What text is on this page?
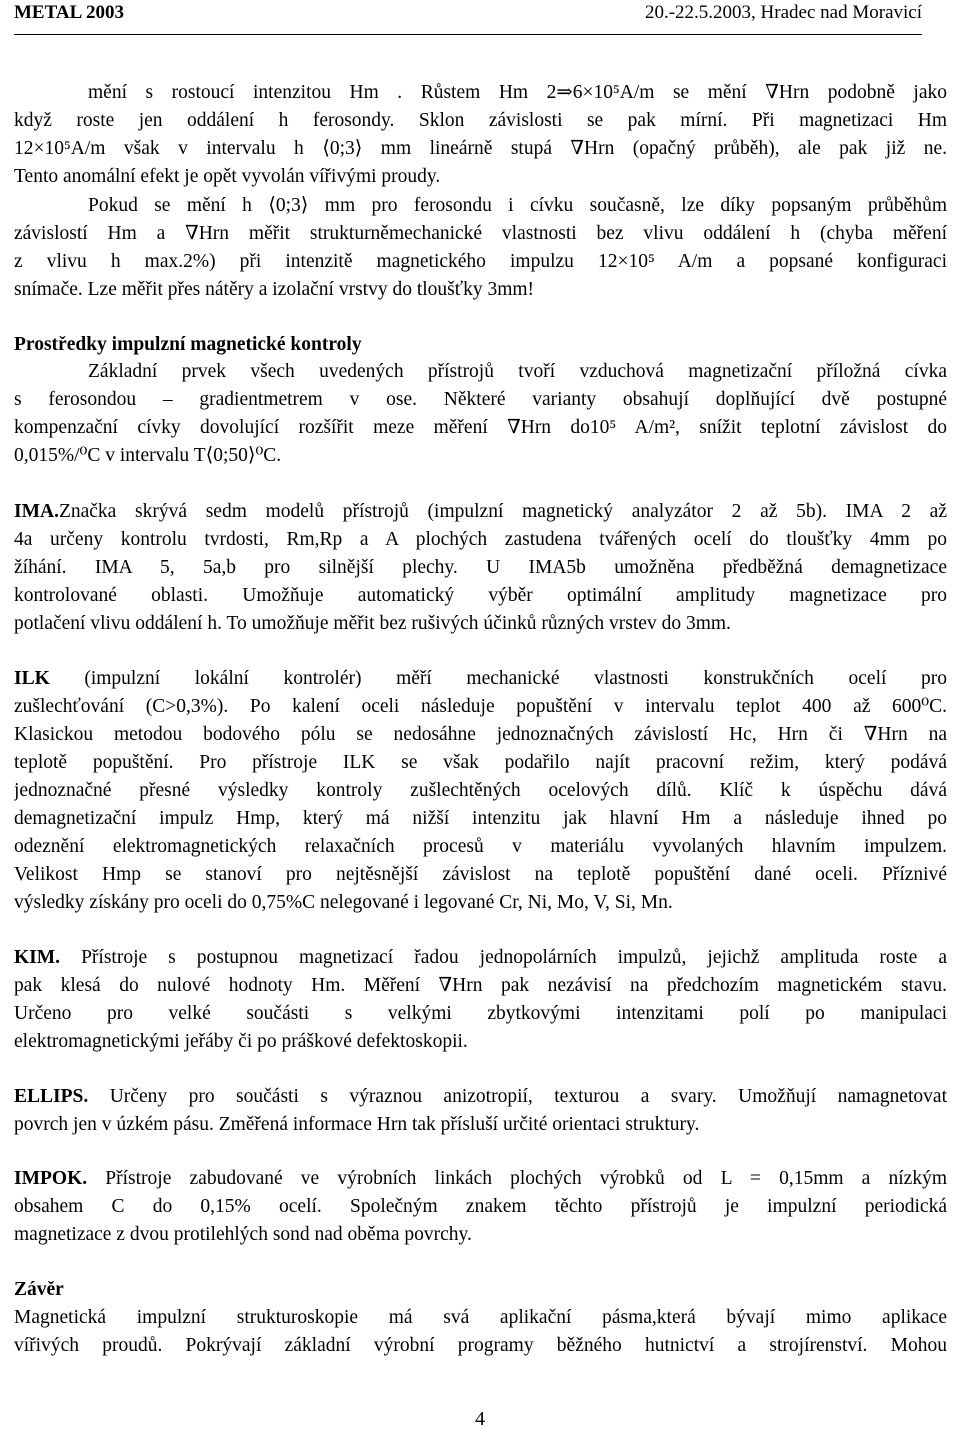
METAL 2003	20.-22.5.2003, Hradec nad Moravicí
mění s rostoucí intenzitou Hm . Růstem Hm 2⇒6×10⁵A/m se mění ∇Hrn podobně jako
když roste jen oddálení h ferosondy. Sklon závislosti se pak mírní. Při magnetizaci Hm
12×10⁵A/m však v intervalu h ⟨0;3⟩ mm lineárně stupá ∇Hrn (opačný průběh), ale pak již ne.
Tento anomální efekt je opět vyvolán vířivými proudy.
Pokud se mění h ⟨0;3⟩ mm pro ferosondu i cívku současně, lze díky popsaným průběhům
závislostí Hm a ∇Hrn měřit strukturněmechanické vlastnosti bez vlivu oddálení h (chyba měření
z vlivu h max.2%) při intenzitě magnetického impulzu 12×10⁵ A/m a popsané konfiguraci
snímače. Lze měřit přes nátěry a izolační vrstvy do tloušťky 3mm!
Prostředky impulzní magnetické kontroly
Základní prvek všech uvedených přístrojů tvoří vzduchová magnetizační příložná cívka
s ferosondou – gradientmetrem v ose. Některé varianty obsahují doplňující dvě postupné
kompenzační cívky dovolující rozšířit meze měření ∇Hrn do10⁵ A/m², snížit teplotní závislost do
0,015%/⁰C v intervalu T⟨0;50⟩⁰C.
IMA.Značka skrývá sedm modelů přístrojů (impulzní magnetický analyzátor 2 až 5b). IMA 2 až
4a určeny kontrolu tvrdosti, Rm,Rp a A plochých zastudena tvářených ocelí do tloušťky 4mm po
žíhání. IMA 5, 5a,b pro silnější plechy. U IMA5b umožněna předběžná demagnetizace
kontrolované oblasti. Umožňuje automatický výběr optimální amplitudy magnetizace pro
potlačení vlivu oddálení h. To umožňuje měřit bez rušivých účinků různých vrstev do 3mm.
ILK (impulzní lokální kontrolér) měří mechanické vlastnosti konstrukčních ocelí pro
zušlechťování (C>0,3%). Po kalení oceli následuje popuštění v intervalu teplot 400 až 600⁰C.
Klasickou metodou bodového pólu se nedosáhne jednoznačných závislostí Hc, Hrn či ∇Hrn na
teplotě popuštění. Pro přístroje ILK se však podařilo najít pracovní režim, který podává
jednoznačné přesné výsledky kontroly zušlechtěných ocelových dílů. Klíč k úspěchu dává
demagnetizační impulz Hmp, který má nižší intenzitu jak hlavní Hm a následuje ihned po
odeznění elektromagnetických relaxačních procesů v materiálu vyvolaných hlavním impulzem.
Velikost Hmp se stanoví pro nejtěsnější závislost na teplotě popuštění dané oceli. Příznivé
výsledky získány pro oceli do 0,75%C nelegované i legované Cr, Ni, Mo, V, Si, Mn.
KIM. Přístroje s postupnou magnetizací řadou jednopolárních impulzů, jejichž amplituda roste a
pak klesá do nulové hodnoty Hm. Měření ∇Hrn pak nezávisí na předchozím magnetickém stavu.
Určeno pro velké součásti s velkými zbytkovými intenzitami polí po manipulaci
elektromagnetickými jeřáby či po práškové defektoskopii.
ELLIPS. Určeny pro součásti s výraznou anizotropií, texturou a svary. Umožňují namagnetovat
povrch jen v úzkém pásu. Změřená informace Hrn tak přísluší určité orientaci struktury.
IMPOK. Přístroje zabudované ve výrobních linkách plochých výrobků od L = 0,15mm a nízkým
obsahem C do 0,15% ocelí. Společným znakem těchto přístrojů je impulzní periodická
magnetizace z dvou protilehlých sond nad oběma povrchy.
Závěr
Magnetická impulzní strukturoskopie má svá aplikační pásma,která bývají mimo aplikace
vířivých proudů. Pokrývají základní výrobní programy běžného hutnictví a strojírenství. Mohou
4
